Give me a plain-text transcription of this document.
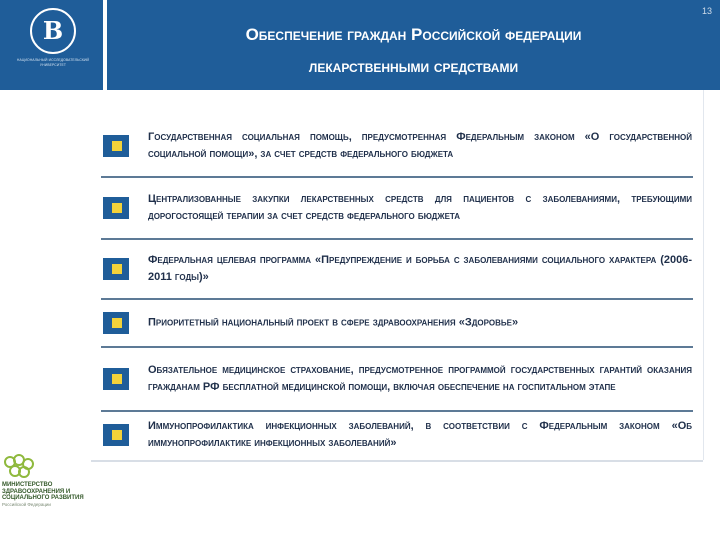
В
НАЦИОНАЛЬНЫЙ ИССЛЕДОВАТЕЛЬСКИЙ УНИВЕРСИТЕТ
13
Обеспечение граждан Российской федерации
лекарственными средствами
Государственная социальная помощь, предусмотренная Федеральным законом «О государственной социальной помощи», за счет средств федерального бюджета
Централизованные закупки лекарственных средств для пациентов с заболеваниями, требующими дорогостоящей терапии за счет средств федерального бюджета
Федеральная целевая программа «Предупреждение и борьба с заболеваниями социального характера (2006-2011 годы)»
Приоритетный национальный проект в сфере здравоохранения «Здоровье»
Обязательное медицинское страхование, предусмотренное программой государственных гарантий оказания гражданам РФ бесплатной медицинской помощи, включая обеспечение на госпитальном этапе
Иммунопрофилактика инфекционных заболеваний, в соответствии с Федеральным законом «Об иммунопрофилактике инфекционных заболеваний»
МИНИСТЕРСТВО ЗДРАВООХРАНЕНИЯ И СОЦИАЛЬНОГО РАЗВИТИЯ
Российской Федерации
